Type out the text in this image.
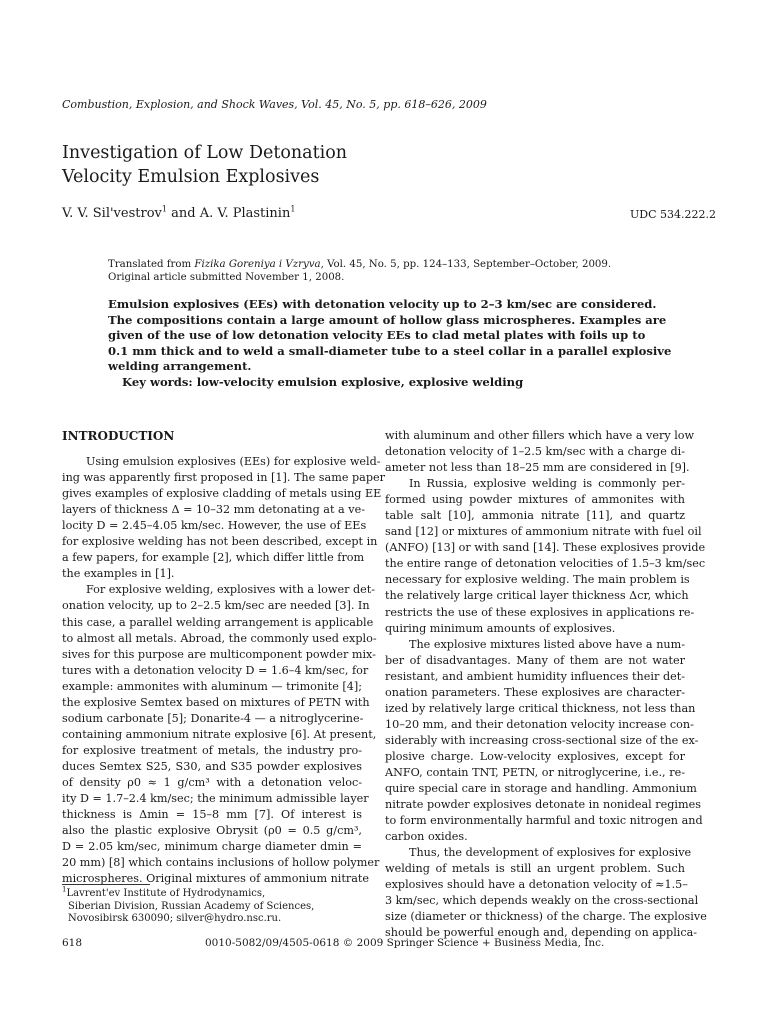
Combustion, Explosion, and Shock Waves, Vol. 45, No. 5, pp. 618–626, 2009
Investigation of Low Detonation
Velocity Emulsion Explosives
V. V. Sil'vestrov$^1$ and A. V. Plastinin$^1$	UDC 534.222.2
Translated from Fizika Goreniya i Vzryva, Vol. 45, No. 5, pp. 124–133, September–October, 2009.
Original article submitted November 1, 2008.
Emulsion explosives (EEs) with detonation velocity up to 2–3 km/sec are considered.
The compositions contain a large amount of hollow glass microspheres. Examples are
given of the use of low detonation velocity EEs to clad metal plates with foils up to
0.1 mm thick and to weld a small-diameter tube to a steel collar in a parallel explosive
welding arrangement.
Key words: low-velocity emulsion explosive, explosive welding
INTRODUCTION
Using emulsion explosives (EEs) for explosive weld-
ing was apparently first proposed in [1]. The same paper
gives examples of explosive cladding of metals using EE
layers of thickness Δ = 10–32 mm detonating at a ve-
locity D = 2.45–4.05 km/sec. However, the use of EEs
for explosive welding has not been described, except in
a few papers, for example [2], which differ little from
the examples in [1].
For explosive welding, explosives with a lower det-
onation velocity, up to 2–2.5 km/sec are needed [3]. In
this case, a parallel welding arrangement is applicable
to almost all metals. Abroad, the commonly used explo-
sives for this purpose are multicomponent powder mix-
tures with a detonation velocity D = 1.6–4 km/sec, for
example: ammonites with aluminum — trimonite [4];
the explosive Semtex based on mixtures of PETN with
sodium carbonate [5]; Donarite-4 — a nitroglycerine-
containing ammonium nitrate explosive [6]. At present,
for explosive treatment of metals, the industry pro-
duces Semtex S25, S30, and S35 powder explosives
of density ρ0 ≈ 1 g/cm³ with a detonation veloc-
ity D = 1.7–2.4 km/sec; the minimum admissible layer
thickness is Δmin = 15–8 mm [7]. Of interest is
also the plastic explosive Obrysit (ρ0 = 0.5 g/cm³,
D = 2.05 km/sec, minimum charge diameter dmin =
20 mm) [8] which contains inclusions of hollow polymer
microspheres. Original mixtures of ammonium nitrate
with aluminum and other fillers which have a very low
detonation velocity of 1–2.5 km/sec with a charge di-
ameter not less than 18–25 mm are considered in [9].
In Russia, explosive welding is commonly per-
formed using powder mixtures of ammonites with
table salt [10], ammonia nitrate [11], and quartz
sand [12] or mixtures of ammonium nitrate with fuel oil
(ANFO) [13] or with sand [14]. These explosives provide
the entire range of detonation velocities of 1.5–3 km/sec
necessary for explosive welding. The main problem is
the relatively large critical layer thickness Δcr, which
restricts the use of these explosives in applications re-
quiring minimum amounts of explosives.
The explosive mixtures listed above have a num-
ber of disadvantages. Many of them are not water
resistant, and ambient humidity influences their det-
onation parameters. These explosives are character-
ized by relatively large critical thickness, not less than
10–20 mm, and their detonation velocity increase con-
siderably with increasing cross-sectional size of the ex-
plosive charge. Low-velocity explosives, except for
ANFO, contain TNT, PETN, or nitroglycerine, i.e., re-
quire special care in storage and handling. Ammonium
nitrate powder explosives detonate in nonideal regimes
to form environmentally harmful and toxic nitrogen and
carbon oxides.
Thus, the development of explosives for explosive
welding of metals is still an urgent problem. Such
explosives should have a detonation velocity of ≈1.5–
3 km/sec, which depends weakly on the cross-sectional
size (diameter or thickness) of the charge. The explosive
should be powerful enough and, depending on applica-
$^1$Lavrent'ev Institute of Hydrodynamics,
Siberian Division, Russian Academy of Sciences,
Novosibirsk 630090; silver@hydro.nsc.ru.
618	0010-5082/09/4505-0618 © 2009 Springer Science + Business Media, Inc.
